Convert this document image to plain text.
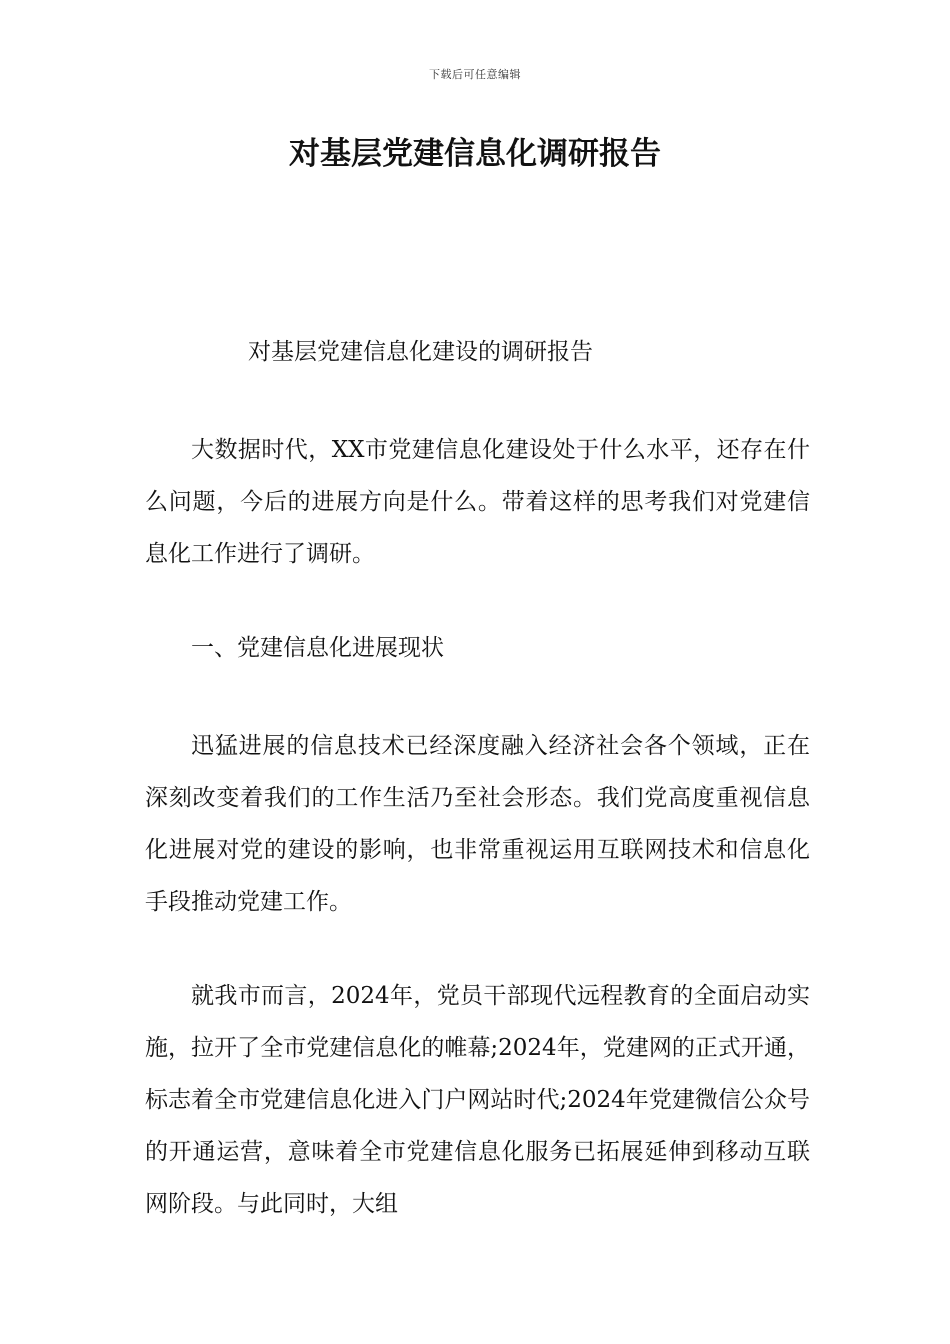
下载后可任意编辑
对基层党建信息化调研报告

对基层党建信息化建设的调研报告

大数据时代，XX市党建信息化建设处于什么水平，还存在什么问题，今后的进展方向是什么。带着这样的思考我们对党建信息化工作进行了调研。

一、党建信息化进展现状

迅猛进展的信息技术已经深度融入经济社会各个领域，正在深刻改变着我们的工作生活乃至社会形态。我们党高度重视信息化进展对党的建设的影响，也非常重视运用互联网技术和信息化手段推动党建工作。

就我市而言，2024年，党员干部现代远程教育的全面启动实施，拉开了全市党建信息化的帷幕;2024年，党建网的正式开通，标志着全市党建信息化进入门户网站时代;2024年党建微信公众号的开通运营，意味着全市党建信息化服务已拓展延伸到移动互联网阶段。与此同时，大组
